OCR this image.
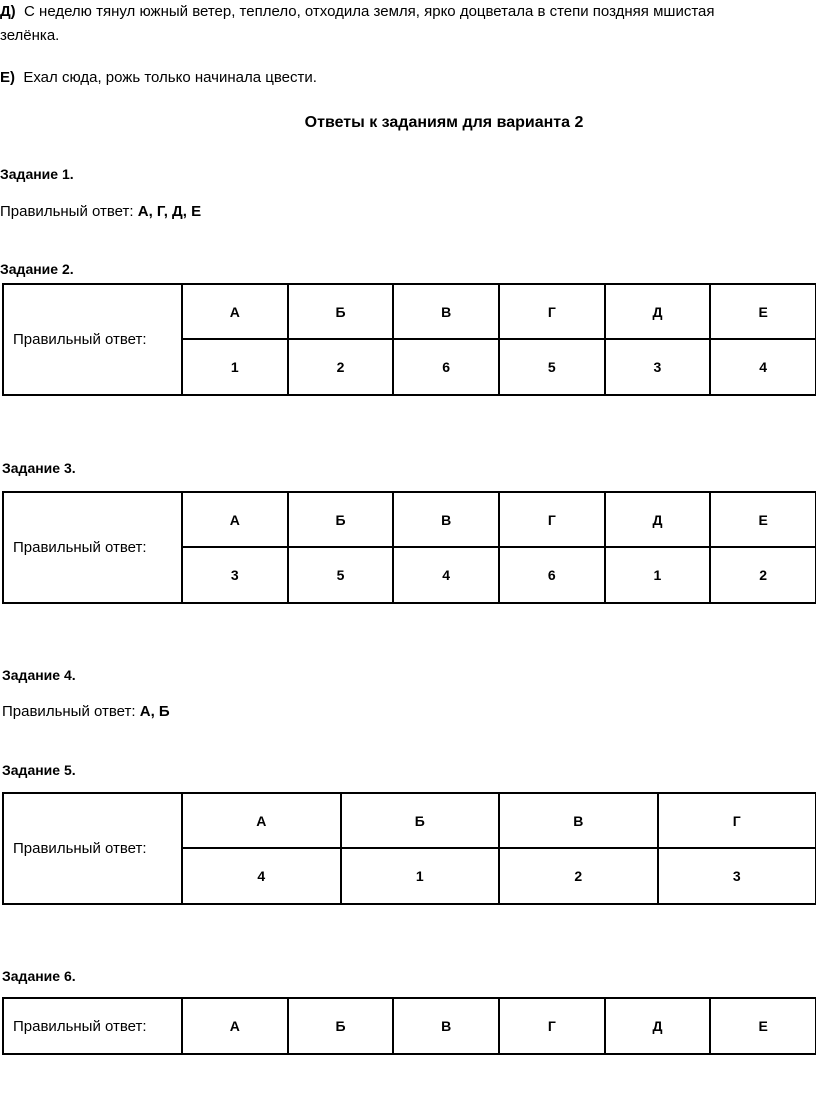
Д) С неделю тянул южный ветер, теплело, отходила земля, ярко доцветала в степи поздняя мшистая
зелёнка.
Е) Ехал сюда, рожь только начинала цвести.
Ответы к заданиям для варианта 2
Задание 1.
Правильный ответ: А, Г, Д, Е
Задание 2.
Правильный ответ:	А	Б	В	Г	Д	Е
	1	2	6	5	3	4
Задание 3.
Правильный ответ:	А	Б	В	Г	Д	Е
	3	5	4	6	1	2
Задание 4.
Правильный ответ: А, Б
Задание 5.
Правильный ответ:	А	Б	В	Г
	4	1	2	3
Задание 6.
Правильный ответ:	А	Б	В	Г	Д	Е
